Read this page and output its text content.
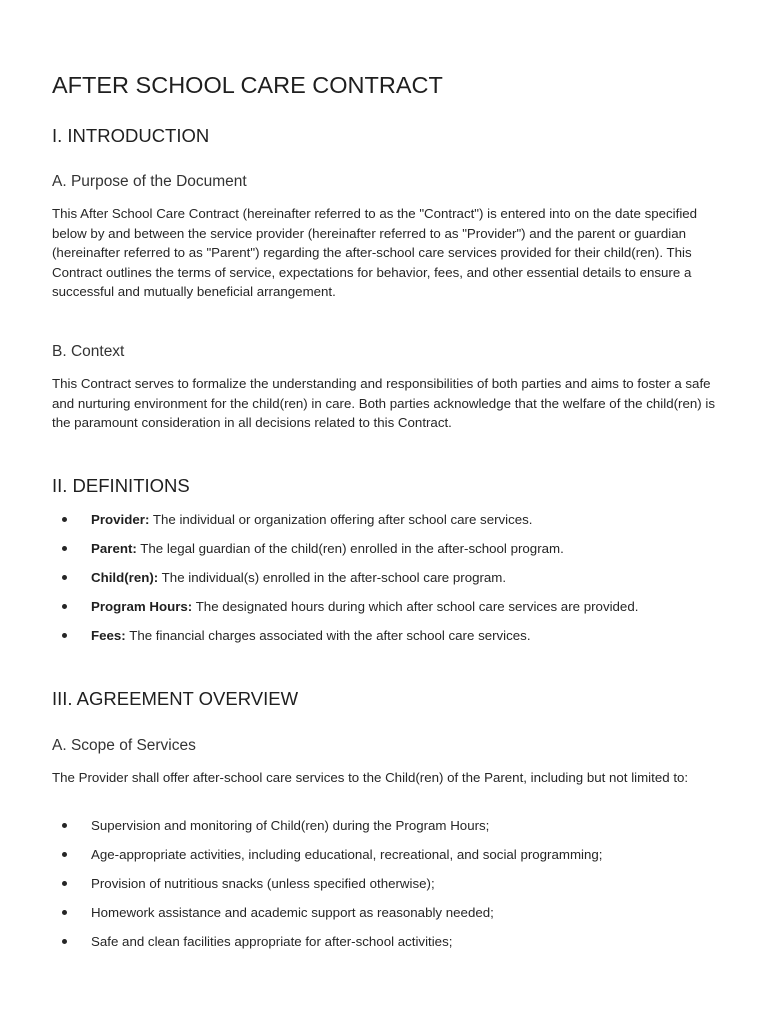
AFTER SCHOOL CARE CONTRACT
I. INTRODUCTION
A. Purpose of the Document

This After School Care Contract (hereinafter referred to as the "Contract") is entered into on the date specified below by and between the service provider (hereinafter referred to as "Provider") and the parent or guardian (hereinafter referred to as "Parent") regarding the after-school care services provided for their child(ren). This Contract outlines the terms of service, expectations for behavior, fees, and other essential details to ensure a successful and mutually beneficial arrangement.

B. Context

This Contract serves to formalize the understanding and responsibilities of both parties and aims to foster a safe and nurturing environment for the child(ren) in care. Both parties acknowledge that the welfare of the child(ren) is the paramount consideration in all decisions related to this Contract.

II. DEFINITIONS
Provider: The individual or organization offering after school care services.
Parent: The legal guardian of the child(ren) enrolled in the after-school program.
Child(ren): The individual(s) enrolled in the after-school care program.
Program Hours: The designated hours during which after school care services are provided.
Fees: The financial charges associated with the after school care services.
III. AGREEMENT OVERVIEW
A. Scope of Services

The Provider shall offer after-school care services to the Child(ren) of the Parent, including but not limited to:

Supervision and monitoring of Child(ren) during the Program Hours;
Age-appropriate activities, including educational, recreational, and social programming;
Provision of nutritious snacks (unless specified otherwise);
Homework assistance and academic support as reasonably needed;
Safe and clean facilities appropriate for after-school activities;
